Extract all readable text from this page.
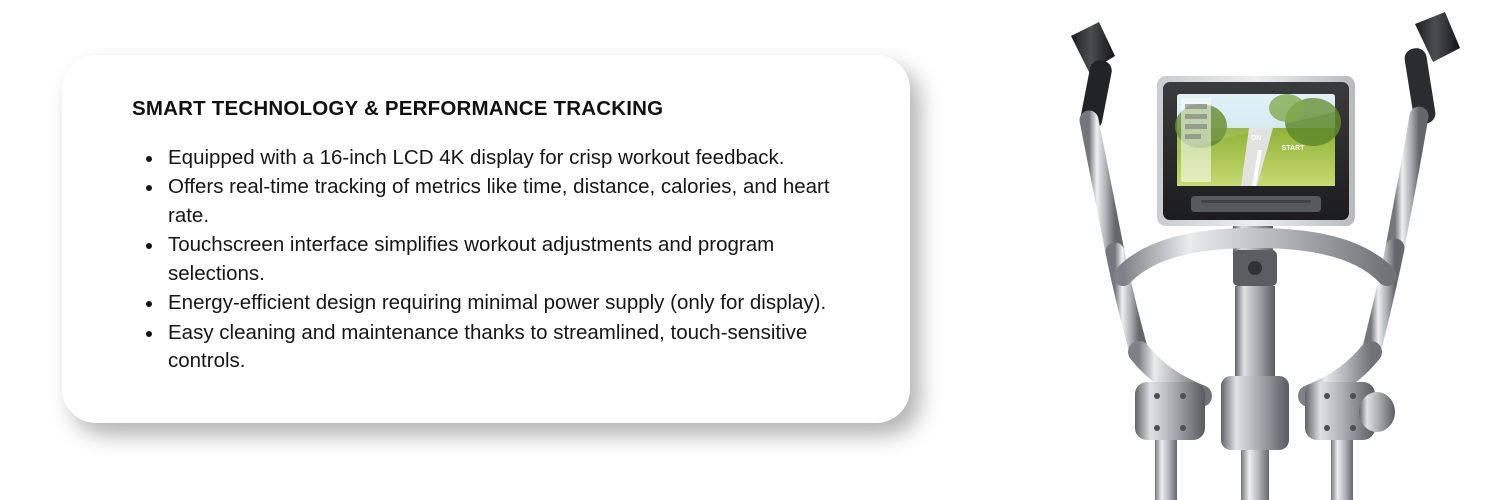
SMART TECHNOLOGY & PERFORMANCE TRACKING
Equipped with a 16-inch LCD 4K display for crisp workout feedback.
Offers real-time tracking of metrics like time, distance, calories, and heart rate.
Touchscreen interface simplifies workout adjustments and program selections.
Energy-efficient design requiring minimal power supply (only for display).
Easy cleaning and maintenance thanks to streamlined, touch-sensitive controls.
ON
START
